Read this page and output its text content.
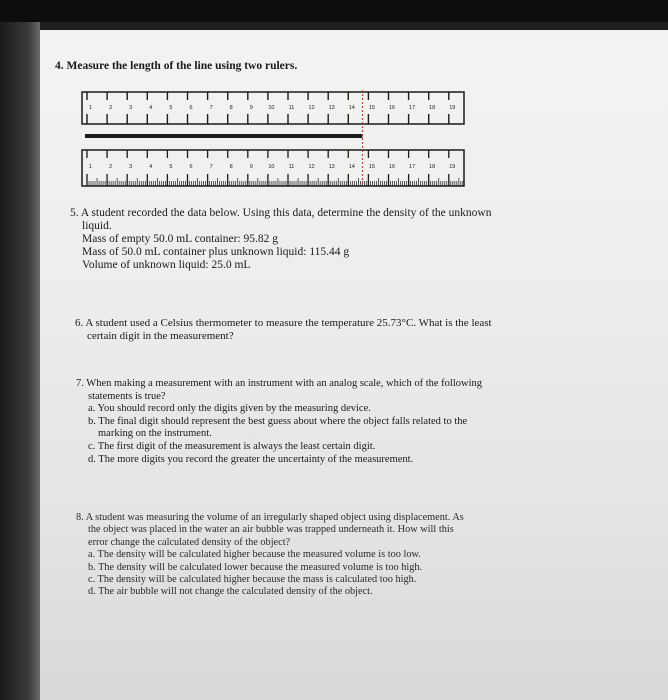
4. Measure the length of the line using two rulers.

1	2	3	4	5	6	7	8	9	10	11	12	13	14	15	16	17	18	19
1	2	3	4	5	6	7	8	9	10	11	12	13	14	15	16	17	18	19

5. A student recorded the data below. Using this data, determine the density of the unknown

liquid.

Mass of empty 50.0 mL container: 95.82 g

Mass of 50.0 mL container plus unknown liquid: 115.44 g

Volume of unknown liquid: 25.0 mL

6. A student used a Celsius thermometer to measure the temperature 25.73°C. What is the least

certain digit in the measurement?

7. When making a measurement with an instrument with an analog scale, which of the following

statements is true?

a. You should record only the digits given by the measuring device.

b. The final digit should represent the best guess about where the object falls related to the

marking on the instrument.

c. The first digit of the measurement is always the least certain digit.

d. The more digits you record the greater the uncertainty of the measurement.

8. A student was measuring the volume of an irregularly shaped object using displacement. As

the object was placed in the water an air bubble was trapped underneath it. How will this

error change the calculated density of the object?

a. The density will be calculated higher because the measured volume is too low.

b. The density will be calculated lower because the measured volume is too high.

c. The density will be calculated higher because the mass is calculated too high.

d. The air bubble will not change the calculated density of the object.
